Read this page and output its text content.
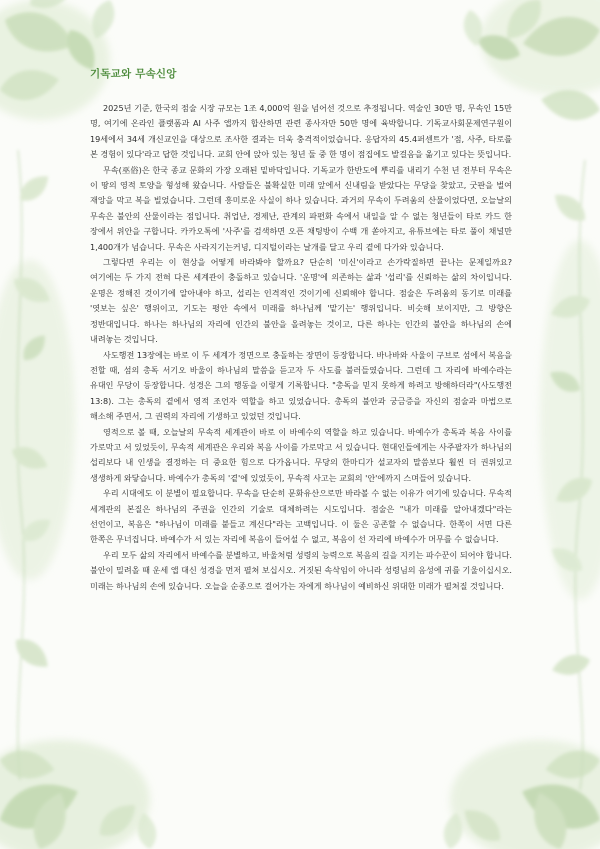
기독교와 무속신앙

2025년 기준, 한국의 점술 시장 규모는 1조 4,000억 원을 넘어선 것으로 추정됩니다. 역술인 30만 명, 무속인 15만 명, 여기에 온라인 플랫폼과 AI 사주 앱까지 합산하면 관련 종사자만 50만 명에 육박합니다. 기독교사회문제연구원이 19세에서 34세 개신교인을 대상으로 조사한 결과는 더욱 충격적이었습니다. 응답자의 45.4퍼센트가 '점, 사주, 타로를 본 경험이 있다'라고 답한 것입니다. 교회 안에 앉아 있는 청년 둘 중 한 명이 점집에도 발걸음을 옮기고 있다는 뜻입니다.

무속(巫俗)은 한국 종교 문화의 가장 오래된 밑바닥입니다. 기독교가 한반도에 뿌리를 내리기 수천 년 전부터 무속은 이 땅의 영적 토양을 형성해 왔습니다. 사람들은 불확실한 미래 앞에서 신내림을 받았다는 무당을 찾았고, 굿판을 벌여 재앙을 막고 복을 빌었습니다. 그런데 흥미로운 사실이 하나 있습니다. 과거의 무속이 두려움의 산물이었다면, 오늘날의 무속은 불안의 산물이라는 점입니다. 취업난, 경제난, 관계의 파편화 속에서 내일을 알 수 없는 청년들이 타로 카드 한 장에서 위안을 구합니다. 카카오톡에 '사주'를 검색하면 오픈 채팅방이 수백 개 쏟아지고, 유튜브에는 타로 풀이 채널만 1,400개가 넘습니다. 무속은 사라지기는커녕, 디지털이라는 날개를 달고 우리 곁에 다가와 있습니다.

그렇다면 우리는 이 현상을 어떻게 바라봐야 할까요? 단순히 '미신'이라고 손가락질하면 끝나는 문제일까요? 여기에는 두 가지 전혀 다른 세계관이 충돌하고 있습니다. '운명'에 의존하는 삶과 '섭리'를 신뢰하는 삶의 차이입니다. 운명은 정해진 것이기에 알아내야 하고, 섭리는 인격적인 것이기에 신뢰해야 합니다. 점술은 두려움의 동기로 미래를 '엿보는 싶은' 행위이고, 기도는 평안 속에서 미래를 하나님께 '맡기는' 행위입니다. 비슷해 보이지만, 그 방향은 정반대입니다. 하나는 하나님의 자리에 인간의 불안을 올려놓는 것이고, 다른 하나는 인간의 불안을 하나님의 손에 내려놓는 것입니다.

사도행전 13장에는 바로 이 두 세계가 정면으로 충돌하는 장면이 등장합니다. 바나바와 사울이 구브로 섬에서 복음을 전할 때, 섬의 총독 서기오 바울이 하나님의 말씀을 듣고자 두 사도를 불러들였습니다. 그런데 그 자리에 바예수라는 유대인 무당이 등장합니다. 성경은 그의 행동을 이렇게 기록합니다. "총독을 믿지 못하게 하려고 방해하더라"(사도행전 13:8). 그는 총독의 곁에서 영적 조언자 역할을 하고 있었습니다. 총독의 불안과 궁금증을 자신의 점술과 마법으로 해소해 주면서, 그 권력의 자리에 기생하고 있었던 것입니다.

영적으로 볼 때, 오늘날의 무속적 세계관이 바로 이 바예수의 역할을 하고 있습니다. 바예수가 총독과 복음 사이를 가로막고 서 있었듯이, 무속적 세계관은 우리와 복음 사이를 가로막고 서 있습니다. 현대인들에게는 사주팔자가 하나님의 섭리보다 내 인생을 결정하는 더 중요한 힘으로 다가옵니다. 무당의 한마디가 설교자의 말씀보다 훨씬 더 권위있고 생생하게 와닿습니다. 바예수가 총독의 '곁'에 있었듯이, 무속적 사고는 교회의 '안'에까지 스며들어 있습니다.

우리 시대에도 이 분별이 필요합니다. 무속을 단순히 문화유산으로만 바라볼 수 없는 이유가 여기에 있습니다. 무속적 세계관의 본질은 하나님의 주권을 인간의 기술로 대체하려는 시도입니다. 점술은 "내가 미래를 알아내겠다"라는 선언이고, 복음은 "하나님이 미래를 붙들고 계신다"라는 고백입니다. 이 둘은 공존할 수 없습니다. 한쪽이 서면 다른 한쪽은 무너집니다. 바예수가 서 있는 자리에 복음이 들어설 수 없고, 복음이 선 자리에 바예수가 머무를 수 없습니다.

우리 모두 삶의 자리에서 바예수를 분별하고, 바울처럼 성령의 능력으로 복음의 길을 지키는 파수꾼이 되어야 합니다. 불안이 밀려올 때 운세 앱 대신 성경을 먼저 펼쳐 보십시오. 거짓된 속삭임이 아니라 성령님의 음성에 귀를 기울이십시오. 미래는 하나님의 손에 있습니다. 오늘을 순종으로 걸어가는 자에게 하나님이 예비하신 위대한 미래가 펼쳐질 것입니다.
